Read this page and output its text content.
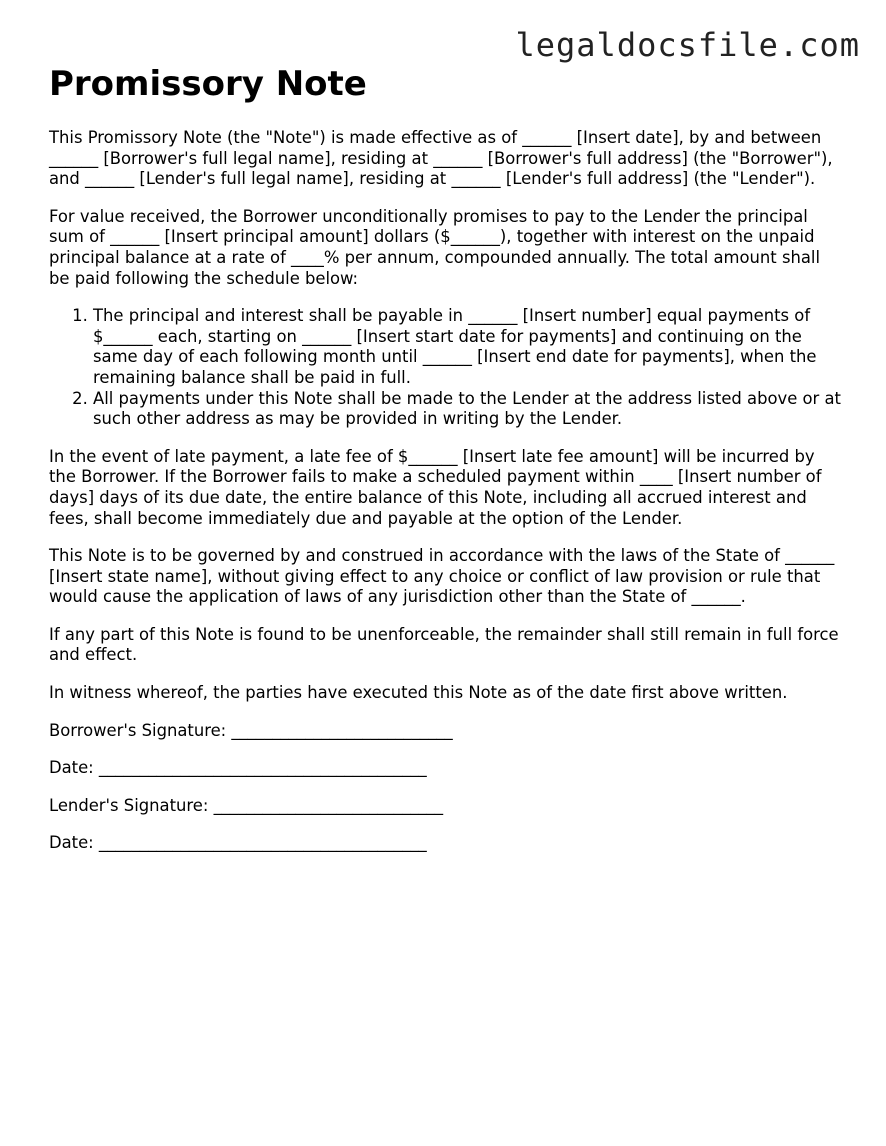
legaldocsfile.com
Promissory Note

This Promissory Note (the "Note") is made effective as of ______ [Insert date], by and between ______ [Borrower's full legal name], residing at ______ [Borrower's full address] (the "Borrower"), and ______ [Lender's full legal name], residing at ______ [Lender's full address] (the "Lender").

For value received, the Borrower unconditionally promises to pay to the Lender the principal sum of ______ [Insert principal amount] dollars ($______), together with interest on the unpaid principal balance at a rate of ____% per annum, compounded annually. The total amount shall be paid following the schedule below:

1. The principal and interest shall be payable in ______ [Insert number] equal payments of $______ each, starting on ______ [Insert start date for payments] and continuing on the same day of each following month until ______ [Insert end date for payments], when the remaining balance shall be paid in full.
2. All payments under this Note shall be made to the Lender at the address listed above or at such other address as may be provided in writing by the Lender.

In the event of late payment, a late fee of $______ [Insert late fee amount] will be incurred by the Borrower. If the Borrower fails to make a scheduled payment within ____ [Insert number of days] days of its due date, the entire balance of this Note, including all accrued interest and fees, shall become immediately due and payable at the option of the Lender.

This Note is to be governed by and construed in accordance with the laws of the State of ______ [Insert state name], without giving effect to any choice or conflict of law provision or rule that would cause the application of laws of any jurisdiction other than the State of ______.

If any part of this Note is found to be unenforceable, the remainder shall still remain in full force and effect.

In witness whereof, the parties have executed this Note as of the date first above written.

Borrower's Signature: ___________________________
Date: ________________________________________
Lender's Signature: ____________________________
Date: ________________________________________
